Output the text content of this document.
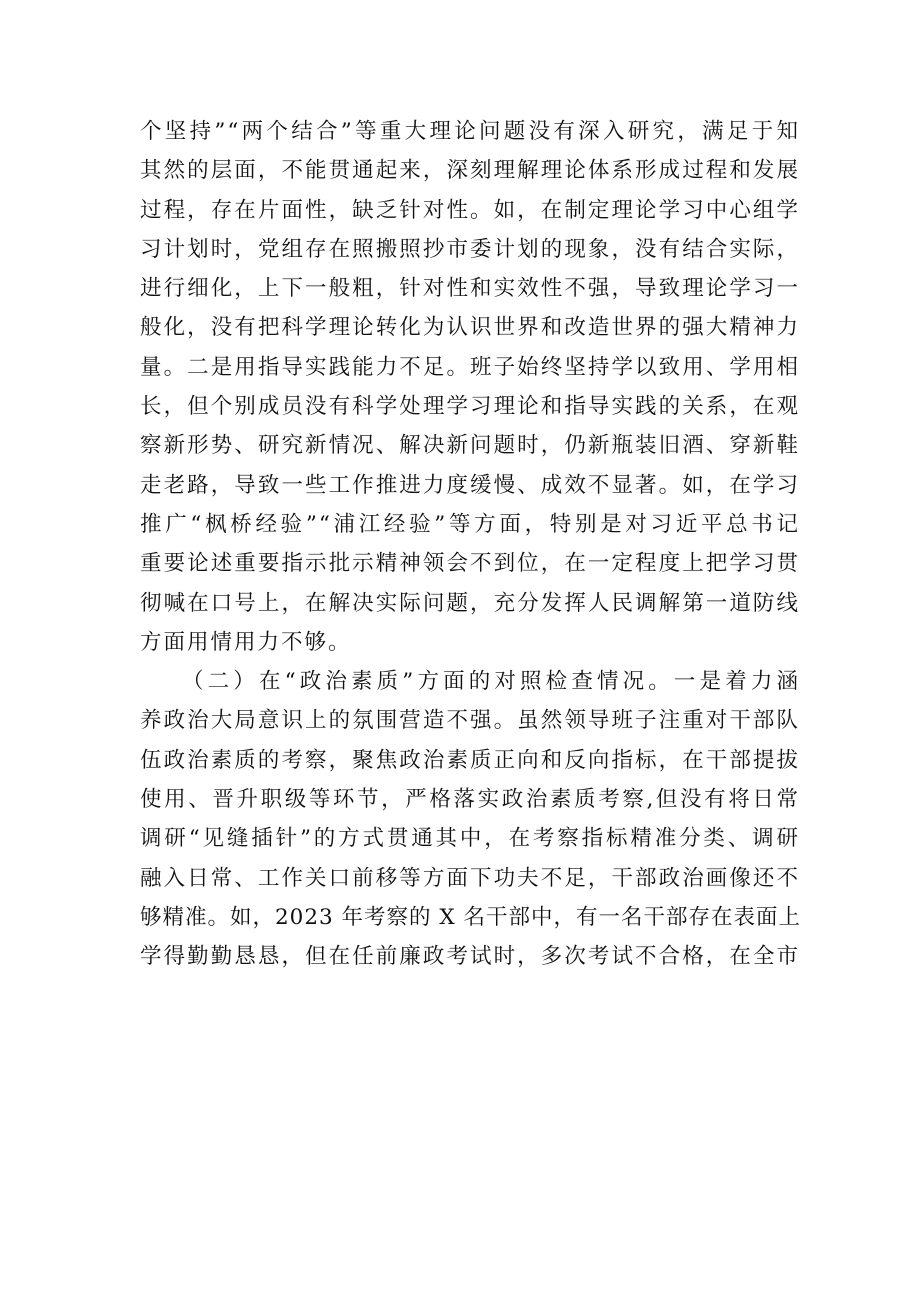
个坚持”“两个结合”等重大理论问题没有深入研究，满足于知
其然的层面，不能贯通起来，深刻理解理论体系形成过程和发展
过程，存在片面性，缺乏针对性。如，在制定理论学习中心组学
习计划时，党组存在照搬照抄市委计划的现象，没有结合实际，
进行细化，上下一般粗，针对性和实效性不强，导致理论学习一
般化，没有把科学理论转化为认识世界和改造世界的强大精神力
量。二是用指导实践能力不足。班子始终坚持学以致用、学用相
长，但个别成员没有科学处理学习理论和指导实践的关系，在观
察新形势、研究新情况、解决新问题时，仍新瓶装旧酒、穿新鞋
走老路，导致一些工作推进力度缓慢、成效不显著。如，在学习
推广“枫桥经验”“浦江经验”等方面，特别是对习近平总书记
重要论述重要指示批示精神领会不到位，在一定程度上把学习贯
彻喊在口号上，在解决实际问题，充分发挥人民调解第一道防线
方面用情用力不够。
（二）在“政治素质”方面的对照检查情况。一是着力涵
养政治大局意识上的氛围营造不强。虽然领导班子注重对干部队
伍政治素质的考察，聚焦政治素质正向和反向指标，在干部提拔
使用、晋升职级等环节，严格落实政治素质考察,但没有将日常
调研“见缝插针”的方式贯通其中，在考察指标精准分类、调研
融入日常、工作关口前移等方面下功夫不足，干部政治画像还不
够精准。如，2023 年考察的 X 名干部中，有一名干部存在表面上
学得勤勤恳恳，但在任前廉政考试时，多次考试不合格，在全市
